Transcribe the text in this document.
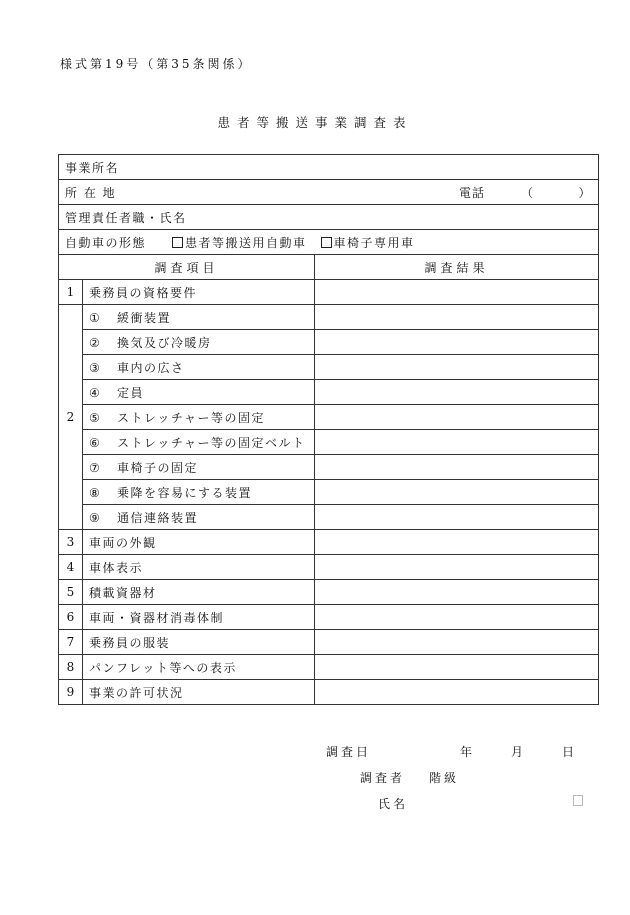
様式第19号（第35条関係）
患者等搬送事業調査表
事業所名		

所 在 地 電話 （ ）		

管理責任者職・氏名		
自動車の形態 患者等搬送用自動車 車椅子専用車		
調査項目		調査結果
1	乗務員の資格要件	
2	① 緩衝装置	
	② 換気及び冷暖房	
	③ 車内の広さ	
	④ 定員	
	⑤ ストレッチャー等の固定	
	⑥ ストレッチャー等の固定ベルト	
	⑦ 車椅子の固定	
	⑧ 乗降を容易にする装置	
	⑨ 通信連絡装置	
3	車両の外観	
4	車体表示	
5	積載資器材	
6	車両・資器材消毒体制	
7	乗務員の服装	
8	パンフレット等への表示	
9	事業の許可状況	
調査日	年	月	日
調査者 階級
氏名
